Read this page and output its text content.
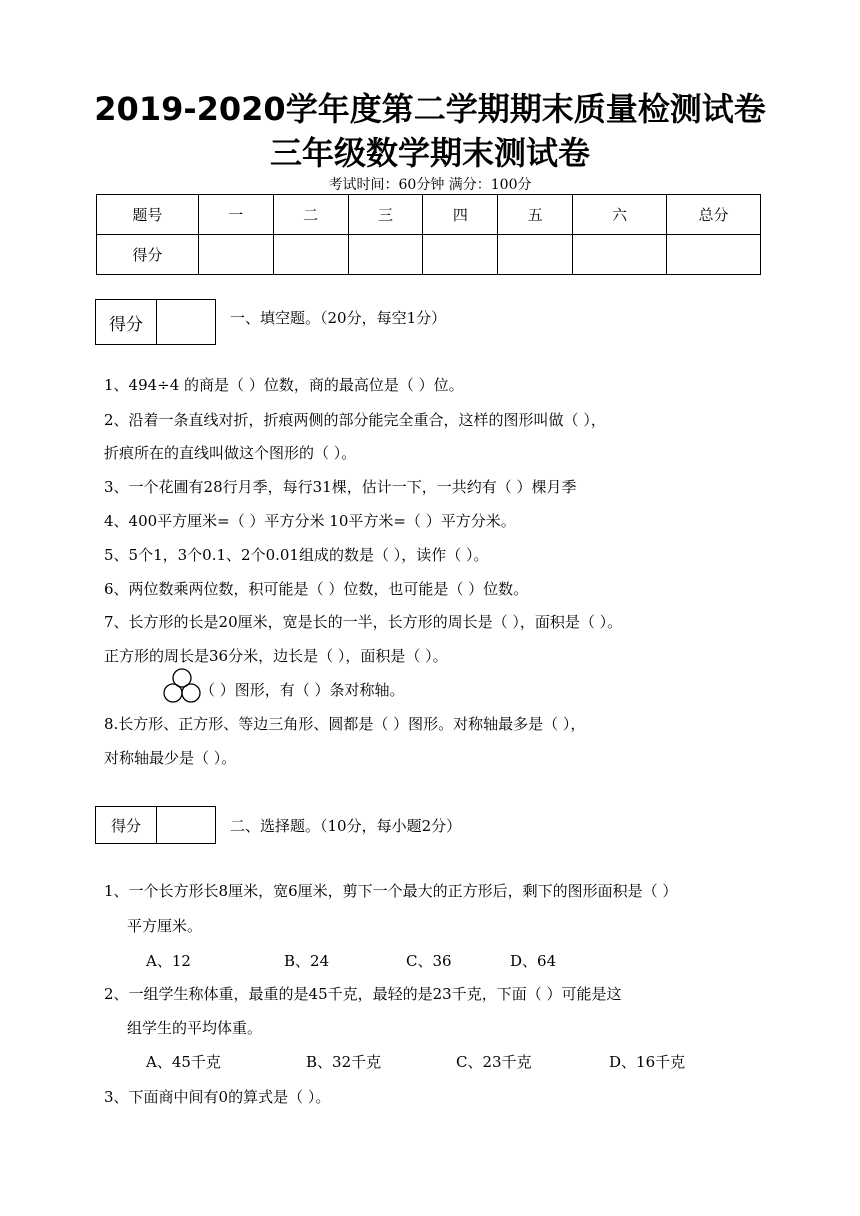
2019-2020学年度第二学期期末质量检测试卷
三年级数学期末测试卷
考试时间：60分钟 满分：100分
题号	一	二	三	四	五	六	总分
得分							
得分	一、填空题。（20分，每空1分）
1、494÷4 的商是（ ）位数，商的最高位是（ ）位。
2、沿着一条直线对折，折痕两侧的部分能完全重合，这样的图形叫做（ ），
折痕所在的直线叫做这个图形的（ ）。
3、一个花圃有28行月季，每行31棵，估计一下，一共约有（ ）棵月季
4、400平方厘米=（ ）平方分米 10平方米=（ ）平方分米。
5、5个1，3个0.1、2个0.01组成的数是（ ），读作（ ）。
6、两位数乘两位数，积可能是（ ）位数，也可能是（ ）位数。
7、长方形的长是20厘米，宽是长的一半，长方形的周长是（ ），面积是（ ）。
正方形的周长是36分米，边长是（ ），面积是（ ）。
（ ）图形，有（ ）条对称轴。
8.长方形、正方形、等边三角形、圆都是（ ）图形。对称轴最多是（ ），
对称轴最少是（ ）。
得分	二、选择题。（10分，每小题2分）
1、一个长方形长8厘米，宽6厘米，剪下一个最大的正方形后，剩下的图形面积是（ ）
平方厘米。
A、12	B、24	C、36	D、64
2、一组学生称体重，最重的是45千克，最轻的是23千克，下面（ ）可能是这
组学生的平均体重。
A、45千克	B、32千克	C、23千克	D、16千克
3、下面商中间有0的算式是（ ）。
